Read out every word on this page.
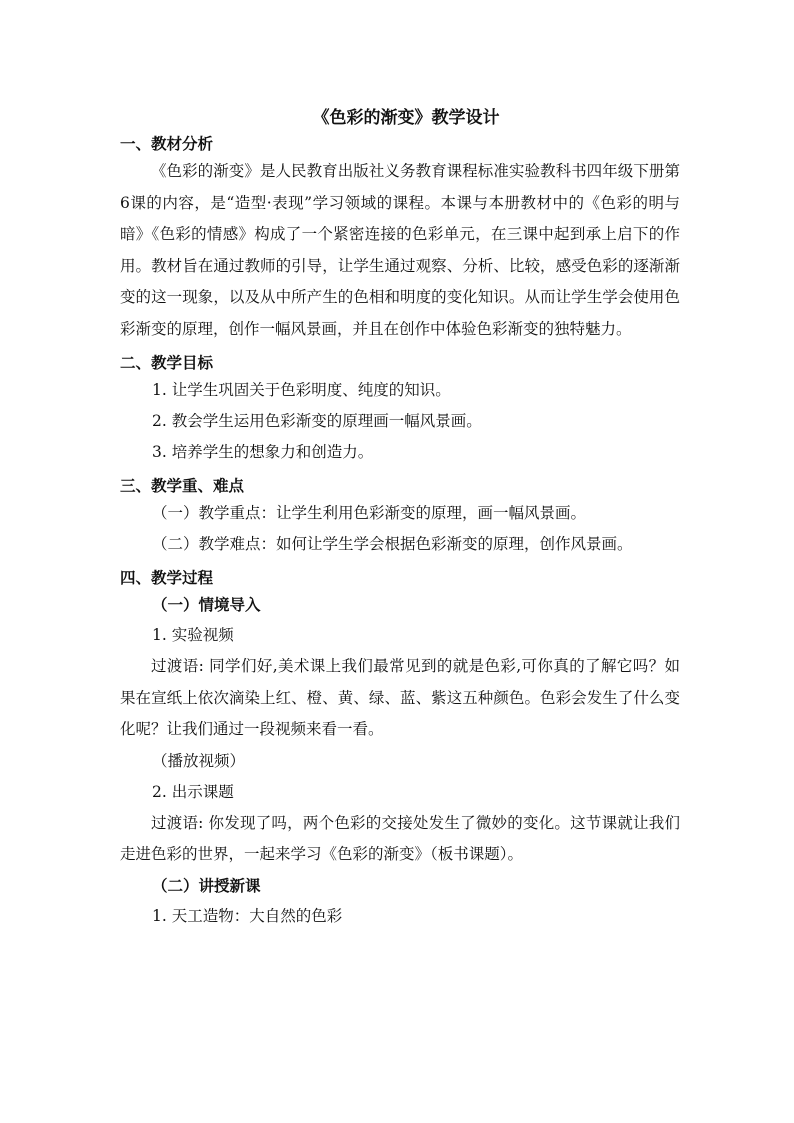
《色彩的渐变》教学设计
一、教材分析
《色彩的渐变》是人民教育出版社义务教育课程标准实验教科书四年级下册第6课的内容，是“造型·表现”学习领域的课程。本课与本册教材中的《色彩的明与暗》《色彩的情感》构成了一个紧密连接的色彩单元，在三课中起到承上启下的作用。教材旨在通过教师的引导，让学生通过观察、分析、比较，感受色彩的逐渐渐变的这一现象，以及从中所产生的色相和明度的变化知识。从而让学生学会使用色彩渐变的原理，创作一幅风景画，并且在创作中体验色彩渐变的独特魅力。
二、教学目标
1. 让学生巩固关于色彩明度、纯度的知识。
2. 教会学生运用色彩渐变的原理画一幅风景画。
3. 培养学生的想象力和创造力。
三、教学重、难点
（一）教学重点：让学生利用色彩渐变的原理，画一幅风景画。
（二）教学难点：如何让学生学会根据色彩渐变的原理，创作风景画。
四、教学过程
（一）情境导入
1. 实验视频
过渡语: 同学们好,美术课上我们最常见到的就是色彩,可你真的了解它吗？如果在宣纸上依次滴染上红、橙、黄、绿、蓝、紫这五种颜色。色彩会发生了什么变化呢？让我们通过一段视频来看一看。
（播放视频）
2. 出示课题
过渡语: 你发现了吗，两个色彩的交接处发生了微妙的变化。这节课就让我们走进色彩的世界，一起来学习《色彩的渐变》（板书课题）。
（二）讲授新课
1. 天工造物：大自然的色彩
